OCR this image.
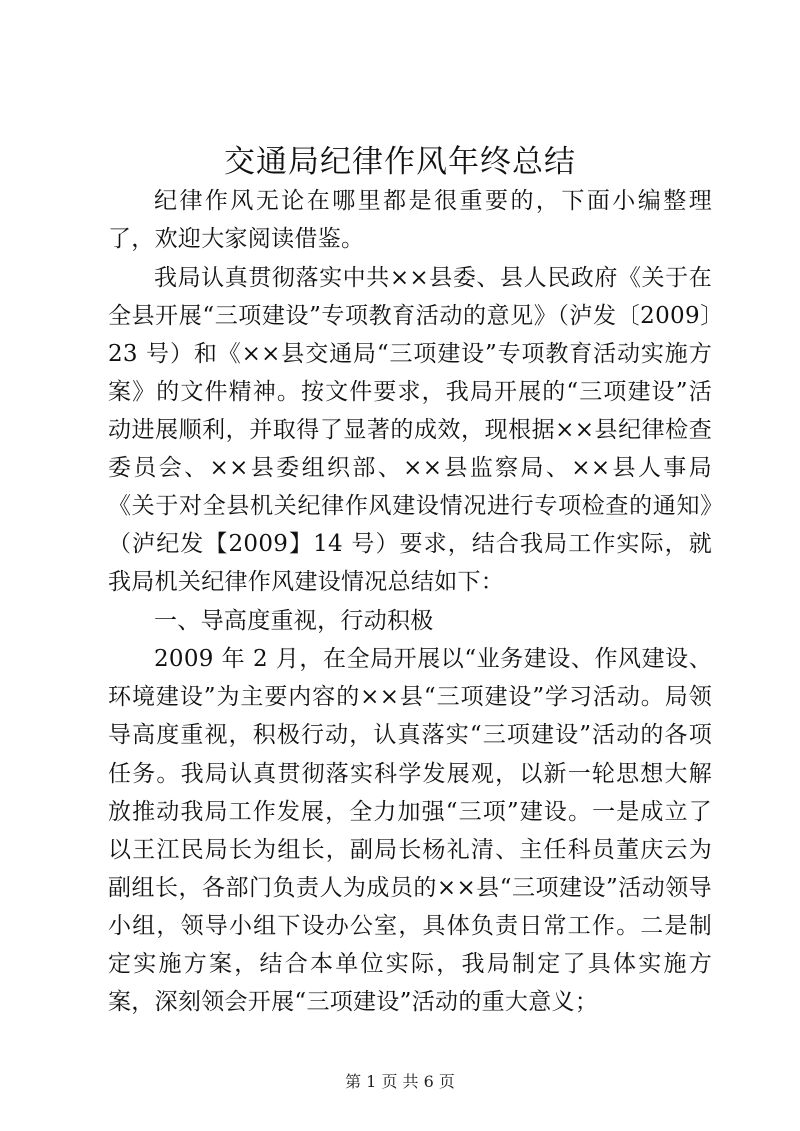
交通局纪律作风年终总结

纪律作风无论在哪里都是很重要的，下面小编整理了，欢迎大家阅读借鉴。

我局认真贯彻落实中共××县委、县人民政府《关于在全县开展“三项建设”专项教育活动的意见》（泸发〔2009〕23 号）和《××县交通局“三项建设”专项教育活动实施方案》的文件精神。按文件要求，我局开展的“三项建设”活动进展顺利，并取得了显著的成效，现根据××县纪律检查委员会、××县委组织部、××县监察局、××县人事局《关于对全县机关纪律作风建设情况进行专项检查的通知》（泸纪发【2009】14 号）要求，结合我局工作实际，就我局机关纪律作风建设情况总结如下：

一、导高度重视，行动积极

2009 年 2 月，在全局开展以“业务建设、作风建设、环境建设”为主要内容的××县“三项建设”学习活动。局领导高度重视，积极行动，认真落实“三项建设”活动的各项任务。我局认真贯彻落实科学发展观，以新一轮思想大解放推动我局工作发展，全力加强“三项”建设。一是成立了以王江民局长为组长，副局长杨礼清、主任科员董庆云为副组长，各部门负责人为成员的××县“三项建设”活动领导小组，领导小组下设办公室，具体负责日常工作。二是制定实施方案，结合本单位实际，我局制定了具体实施方案，深刻领会开展“三项建设”活动的重大意义；

第 1 页 共 6 页
